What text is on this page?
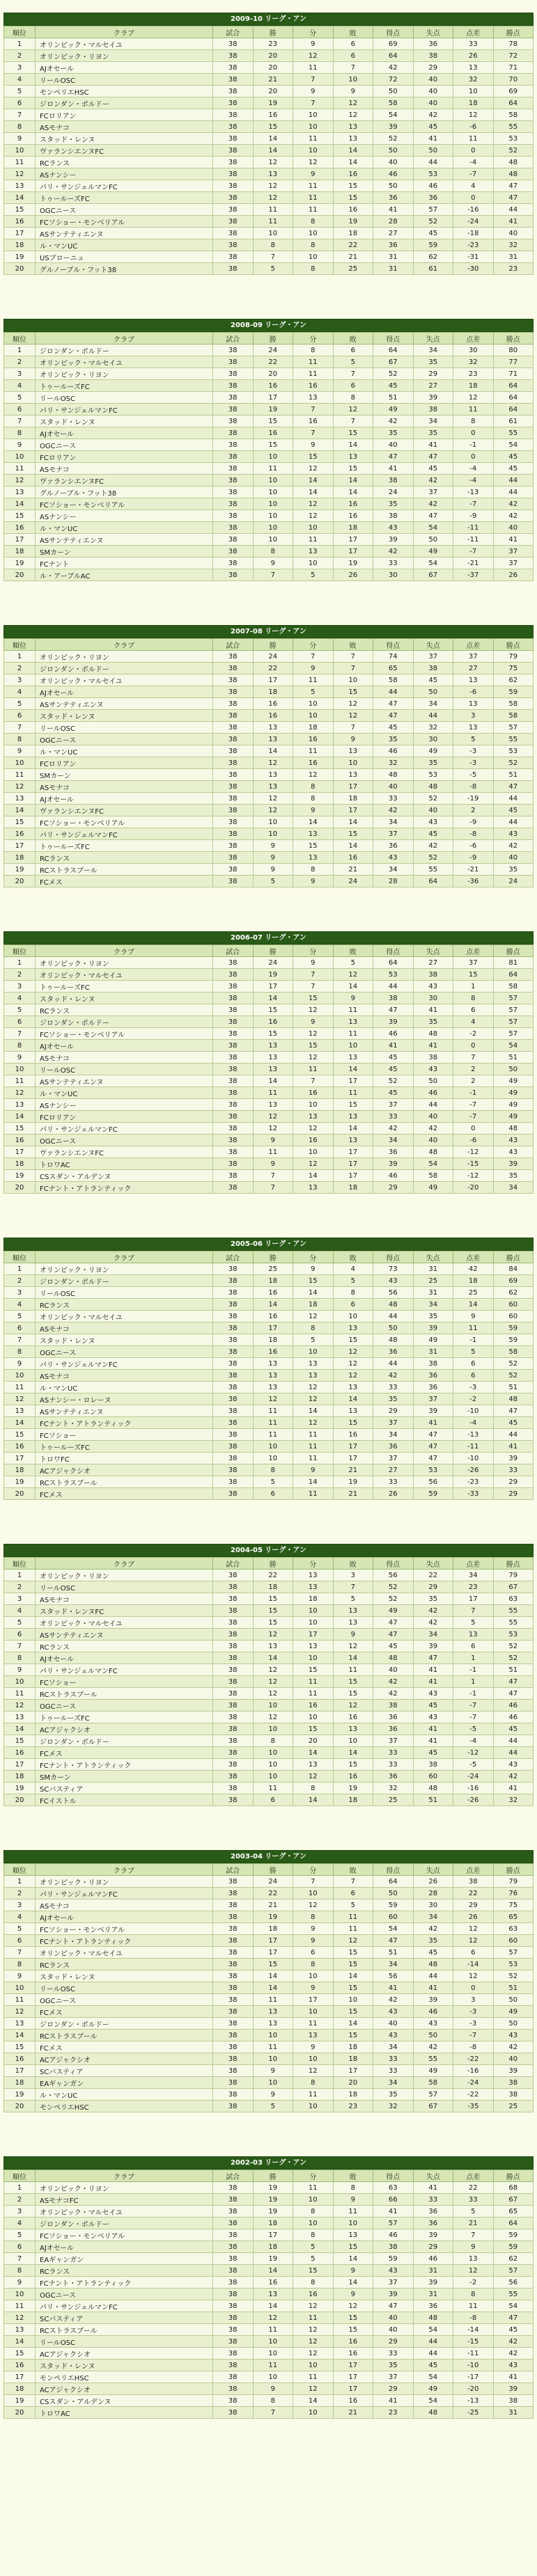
2009-10 リーグ・アン
順位	クラブ	試合	勝	分	敗	得点	失点	点差	勝点
1	オリンピック・マルセイユ	38	23	9	6	69	36	33	78
2	オリンピック・リヨン	38	20	12	6	64	38	26	72
3	AJオセール	38	20	11	7	42	29	13	71
4	リールOSC	38	21	7	10	72	40	32	70
5	モンペリエHSC	38	20	9	9	50	40	10	69
6	ジロンダン・ボルドー	38	19	7	12	58	40	18	64
7	FCロリアン	38	16	10	12	54	42	12	58
8	ASモナコ	38	15	10	13	39	45	-6	55
9	スタッド・レンヌ	38	14	11	13	52	41	11	53
10	ヴァランシエンヌFC	38	14	10	14	50	50	0	52
11	RCランス	38	12	12	14	40	44	-4	48
12	ASナンシー	38	13	9	16	46	53	-7	48
13	パリ・サンジェルマンFC	38	12	11	15	50	46	4	47
14	トゥールーズFC	38	12	11	15	36	36	0	47
15	OGCニース	38	11	11	16	41	57	-16	44
16	FCソショー・モンベリアル	38	11	8	19	28	52	-24	41
17	ASサンテティエンヌ	38	10	10	18	27	45	-18	40
18	ル・マンUC	38	8	8	22	36	59	-23	32
19	USブローニュ	38	7	10	21	31	62	-31	31
20	グルノーブル・フット38	38	5	8	25	31	61	-30	23
2008-09 リーグ・アン
順位	クラブ	試合	勝	分	敗	得点	失点	点差	勝点
1	ジロンダン・ボルドー	38	24	8	6	64	34	30	80
2	オリンピック・マルセイユ	38	22	11	5	67	35	32	77
3	オリンピック・リヨン	38	20	11	7	52	29	23	71
4	トゥールーズFC	38	16	16	6	45	27	18	64
5	リールOSC	38	17	13	8	51	39	12	64
6	パリ・サンジェルマンFC	38	19	7	12	49	38	11	64
7	スタッド・レンヌ	38	15	16	7	42	34	8	61
8	AJオセール	38	16	7	15	35	35	0	55
9	OGCニース	38	15	9	14	40	41	-1	54
10	FCロリアン	38	10	15	13	47	47	0	45
11	ASモナコ	38	11	12	15	41	45	-4	45
12	ヴァランシエンヌFC	38	10	14	14	38	42	-4	44
13	グルノーブル・フット38	38	10	14	14	24	37	-13	44
14	FCソショー・モンベリアル	38	10	12	16	35	42	-7	42
15	ASナンシー	38	10	12	16	38	47	-9	42
16	ル・マンUC	38	10	10	18	43	54	-11	40
17	ASサンテティエンヌ	38	10	11	17	39	50	-11	41
18	SMカーン	38	8	13	17	42	49	-7	37
19	FCナント	38	9	10	19	33	54	-21	37
20	ル・アーブルAC	38	7	5	26	30	67	-37	26
2007-08 リーグ・アン
順位	クラブ	試合	勝	分	敗	得点	失点	点差	勝点
1	オリンピック・リヨン	38	24	7	7	74	37	37	79
2	ジロンダン・ボルドー	38	22	9	7	65	38	27	75
3	オリンピック・マルセイユ	38	17	11	10	58	45	13	62
4	AJオセール	38	18	5	15	44	50	-6	59
5	ASサンテティエンヌ	38	16	10	12	47	34	13	58
6	スタッド・レンヌ	38	16	10	12	47	44	3	58
7	リールOSC	38	13	18	7	45	32	13	57
8	OGCニース	38	13	16	9	35	30	5	55
9	ル・マンUC	38	14	11	13	46	49	-3	53
10	FCロリアン	38	12	16	10	32	35	-3	52
11	SMカーン	38	13	12	13	48	53	-5	51
12	ASモナコ	38	13	8	17	40	48	-8	47
13	AJオセール	38	12	8	18	33	52	-19	44
14	ヴァランシエンヌFC	38	12	9	17	42	40	2	45
15	FCソショー・モンベリアル	38	10	14	14	34	43	-9	44
16	パリ・サンジェルマンFC	38	10	13	15	37	45	-8	43
17	トゥールーズFC	38	9	15	14	36	42	-6	42
18	RCランス	38	9	13	16	43	52	-9	40
19	RCストラスブール	38	9	8	21	34	55	-21	35
20	FCメス	38	5	9	24	28	64	-36	24
2006-07 リーグ・アン
順位	クラブ	試合	勝	分	敗	得点	失点	点差	勝点
1	オリンピック・リヨン	38	24	9	5	64	27	37	81
2	オリンピック・マルセイユ	38	19	7	12	53	38	15	64
3	トゥールーズFC	38	17	7	14	44	43	1	58
4	スタッド・レンヌ	38	14	15	9	38	30	8	57
5	RCランス	38	15	12	11	47	41	6	57
6	ジロンダン・ボルドー	38	16	9	13	39	35	4	57
7	FCソショー・モンベリアル	38	15	12	11	46	48	-2	57
8	AJオセール	38	13	15	10	41	41	0	54
9	ASモナコ	38	13	12	13	45	38	7	51
10	リールOSC	38	13	11	14	45	43	2	50
11	ASサンテティエンヌ	38	14	7	17	52	50	2	49
12	ル・マンUC	38	11	16	11	45	46	-1	49
13	ASナンシー	38	13	10	15	37	44	-7	49
14	FCロリアン	38	12	13	13	33	40	-7	49
15	パリ・サンジェルマンFC	38	12	12	14	42	42	0	48
16	OGCニース	38	9	16	13	34	40	-6	43
17	ヴァランシエンヌFC	38	11	10	17	36	48	-12	43
18	トロワAC	38	9	12	17	39	54	-15	39
19	CSスダン・アルデンヌ	38	7	14	17	46	58	-12	35
20	FCナント・アトランティック	38	7	13	18	29	49	-20	34
2005-06 リーグ・アン
順位	クラブ	試合	勝	分	敗	得点	失点	点差	勝点
1	オリンピック・リヨン	38	25	9	4	73	31	42	84
2	ジロンダン・ボルドー	38	18	15	5	43	25	18	69
3	リールOSC	38	16	14	8	56	31	25	62
4	RCランス	38	14	18	6	48	34	14	60
5	オリンピック・マルセイユ	38	16	12	10	44	35	9	60
6	ASモナコ	38	17	8	13	50	39	11	59
7	スタッド・レンヌ	38	18	5	15	48	49	-1	59
8	OGCニース	38	16	10	12	36	31	5	58
9	パリ・サンジェルマンFC	38	13	13	12	44	38	6	52
10	ASモナコ	38	13	13	12	42	36	6	52
11	ル・マンUC	38	13	12	13	33	36	-3	51
12	ASナンシー・ロレーヌ	38	12	12	14	35	37	-2	48
13	ASサンテティエンヌ	38	11	14	13	29	39	-10	47
14	FCナント・アトランティック	38	11	12	15	37	41	-4	45
15	FCソショー	38	11	11	16	34	47	-13	44
16	トゥールーズFC	38	10	11	17	36	47	-11	41
17	トロワFC	38	10	11	17	37	47	-10	39
18	ACアジャクシオ	38	8	9	21	27	53	-26	33
19	RCストラスブール	38	5	14	19	33	56	-23	29
20	FCメス	38	6	11	21	26	59	-33	29
2004-05 リーグ・アン
順位	クラブ	試合	勝	分	敗	得点	失点	点差	勝点
1	オリンピック・リヨン	38	22	13	3	56	22	34	79
2	リールOSC	38	18	13	7	52	29	23	67
3	ASモナコ	38	15	18	5	52	35	17	63
4	スタッド・レンヌFC	38	15	10	13	49	42	7	55
5	オリンピック・マルセイユ	38	15	10	13	47	42	5	55
6	ASサンテティエンヌ	38	12	17	9	47	34	13	53
7	RCランス	38	13	13	12	45	39	6	52
8	AJオセール	38	14	10	14	48	47	1	52
9	パリ・サンジェルマンFC	38	12	15	11	40	41	-1	51
10	FCソショー	38	12	11	15	42	41	1	47
11	RCストラスブール	38	12	11	15	42	43	-1	47
12	OGCニース	38	10	16	12	38	45	-7	46
13	トゥールーズFC	38	12	10	16	36	43	-7	46
14	ACアジャクシオ	38	10	15	13	36	41	-5	45
15	ジロンダン・ボルドー	38	8	20	10	37	41	-4	44
16	FCメス	38	10	14	14	33	45	-12	44
17	FCナント・アトランティック	38	10	13	15	33	38	-5	43
18	SMカーン	38	10	12	16	36	60	-24	42
19	SCバスティア	38	11	8	19	32	48	-16	41
20	FCイストル	38	6	14	18	25	51	-26	32
2003-04 リーグ・アン
順位	クラブ	試合	勝	分	敗	得点	失点	点差	勝点
1	オリンピック・リヨン	38	24	7	7	64	26	38	79
2	パリ・サンジェルマンFC	38	22	10	6	50	28	22	76
3	ASモナコ	38	21	12	5	59	30	29	75
4	AJオセール	38	19	8	11	60	34	26	65
5	FCソショー・モンベリアル	38	18	9	11	54	42	12	63
6	FCナント・アトランティック	38	17	9	12	47	35	12	60
7	オリンピック・マルセイユ	38	17	6	15	51	45	6	57
8	RCランス	38	15	8	15	34	48	-14	53
9	スタッド・レンヌ	38	14	10	14	56	44	12	52
10	リールOSC	38	14	9	15	41	41	0	51
11	OGCニース	38	11	17	10	42	39	3	50
12	FCメス	38	13	10	15	43	46	-3	49
13	ジロンダン・ボルドー	38	13	11	14	40	43	-3	50
14	RCストラスブール	38	10	13	15	43	50	-7	43
15	FCメス	38	11	9	18	34	42	-8	42
16	ACアジャクシオ	38	10	10	18	33	55	-22	40
17	SCバスティア	38	9	12	17	33	49	-16	39
18	EAギャンガン	38	10	8	20	34	58	-24	38
19	ル・マンUC	38	9	11	18	35	57	-22	38
20	モンペリエHSC	38	5	10	23	32	67	-35	25
2002-03 リーグ・アン
順位	クラブ	試合	勝	分	敗	得点	失点	点差	勝点
1	オリンピック・リヨン	38	19	11	8	63	41	22	68
2	ASモナコFC	38	19	10	9	66	33	33	67
3	オリンピック・マルセイユ	38	19	8	11	41	36	5	65
4	ジロンダン・ボルドー	38	18	10	10	57	36	21	64
5	FCソショー・モンベリアル	38	17	8	13	46	39	7	59
6	AJオセール	38	18	5	15	38	29	9	59
7	EAギャンガン	38	19	5	14	59	46	13	62
8	RCランス	38	14	15	9	43	31	12	57
9	FCナント・アトランティック	38	16	8	14	37	39	-2	56
10	OGCニース	38	13	16	9	39	31	8	55
11	パリ・サンジェルマンFC	38	14	12	12	47	36	11	54
12	SCバスティア	38	12	11	15	40	48	-8	47
13	RCストラスブール	38	11	12	15	40	54	-14	45
14	リールOSC	38	10	12	16	29	44	-15	42
15	ACアジャクシオ	38	10	12	16	33	44	-11	42
16	スタッド・レンヌ	38	11	10	17	35	45	-10	43
17	モンペリエHSC	38	10	11	17	37	54	-17	41
18	ACアジャクシオ	38	9	12	17	29	49	-20	39
19	CSスダン・アルデンヌ	38	8	14	16	41	54	-13	38
20	トロワAC	38	7	10	21	23	48	-25	31
